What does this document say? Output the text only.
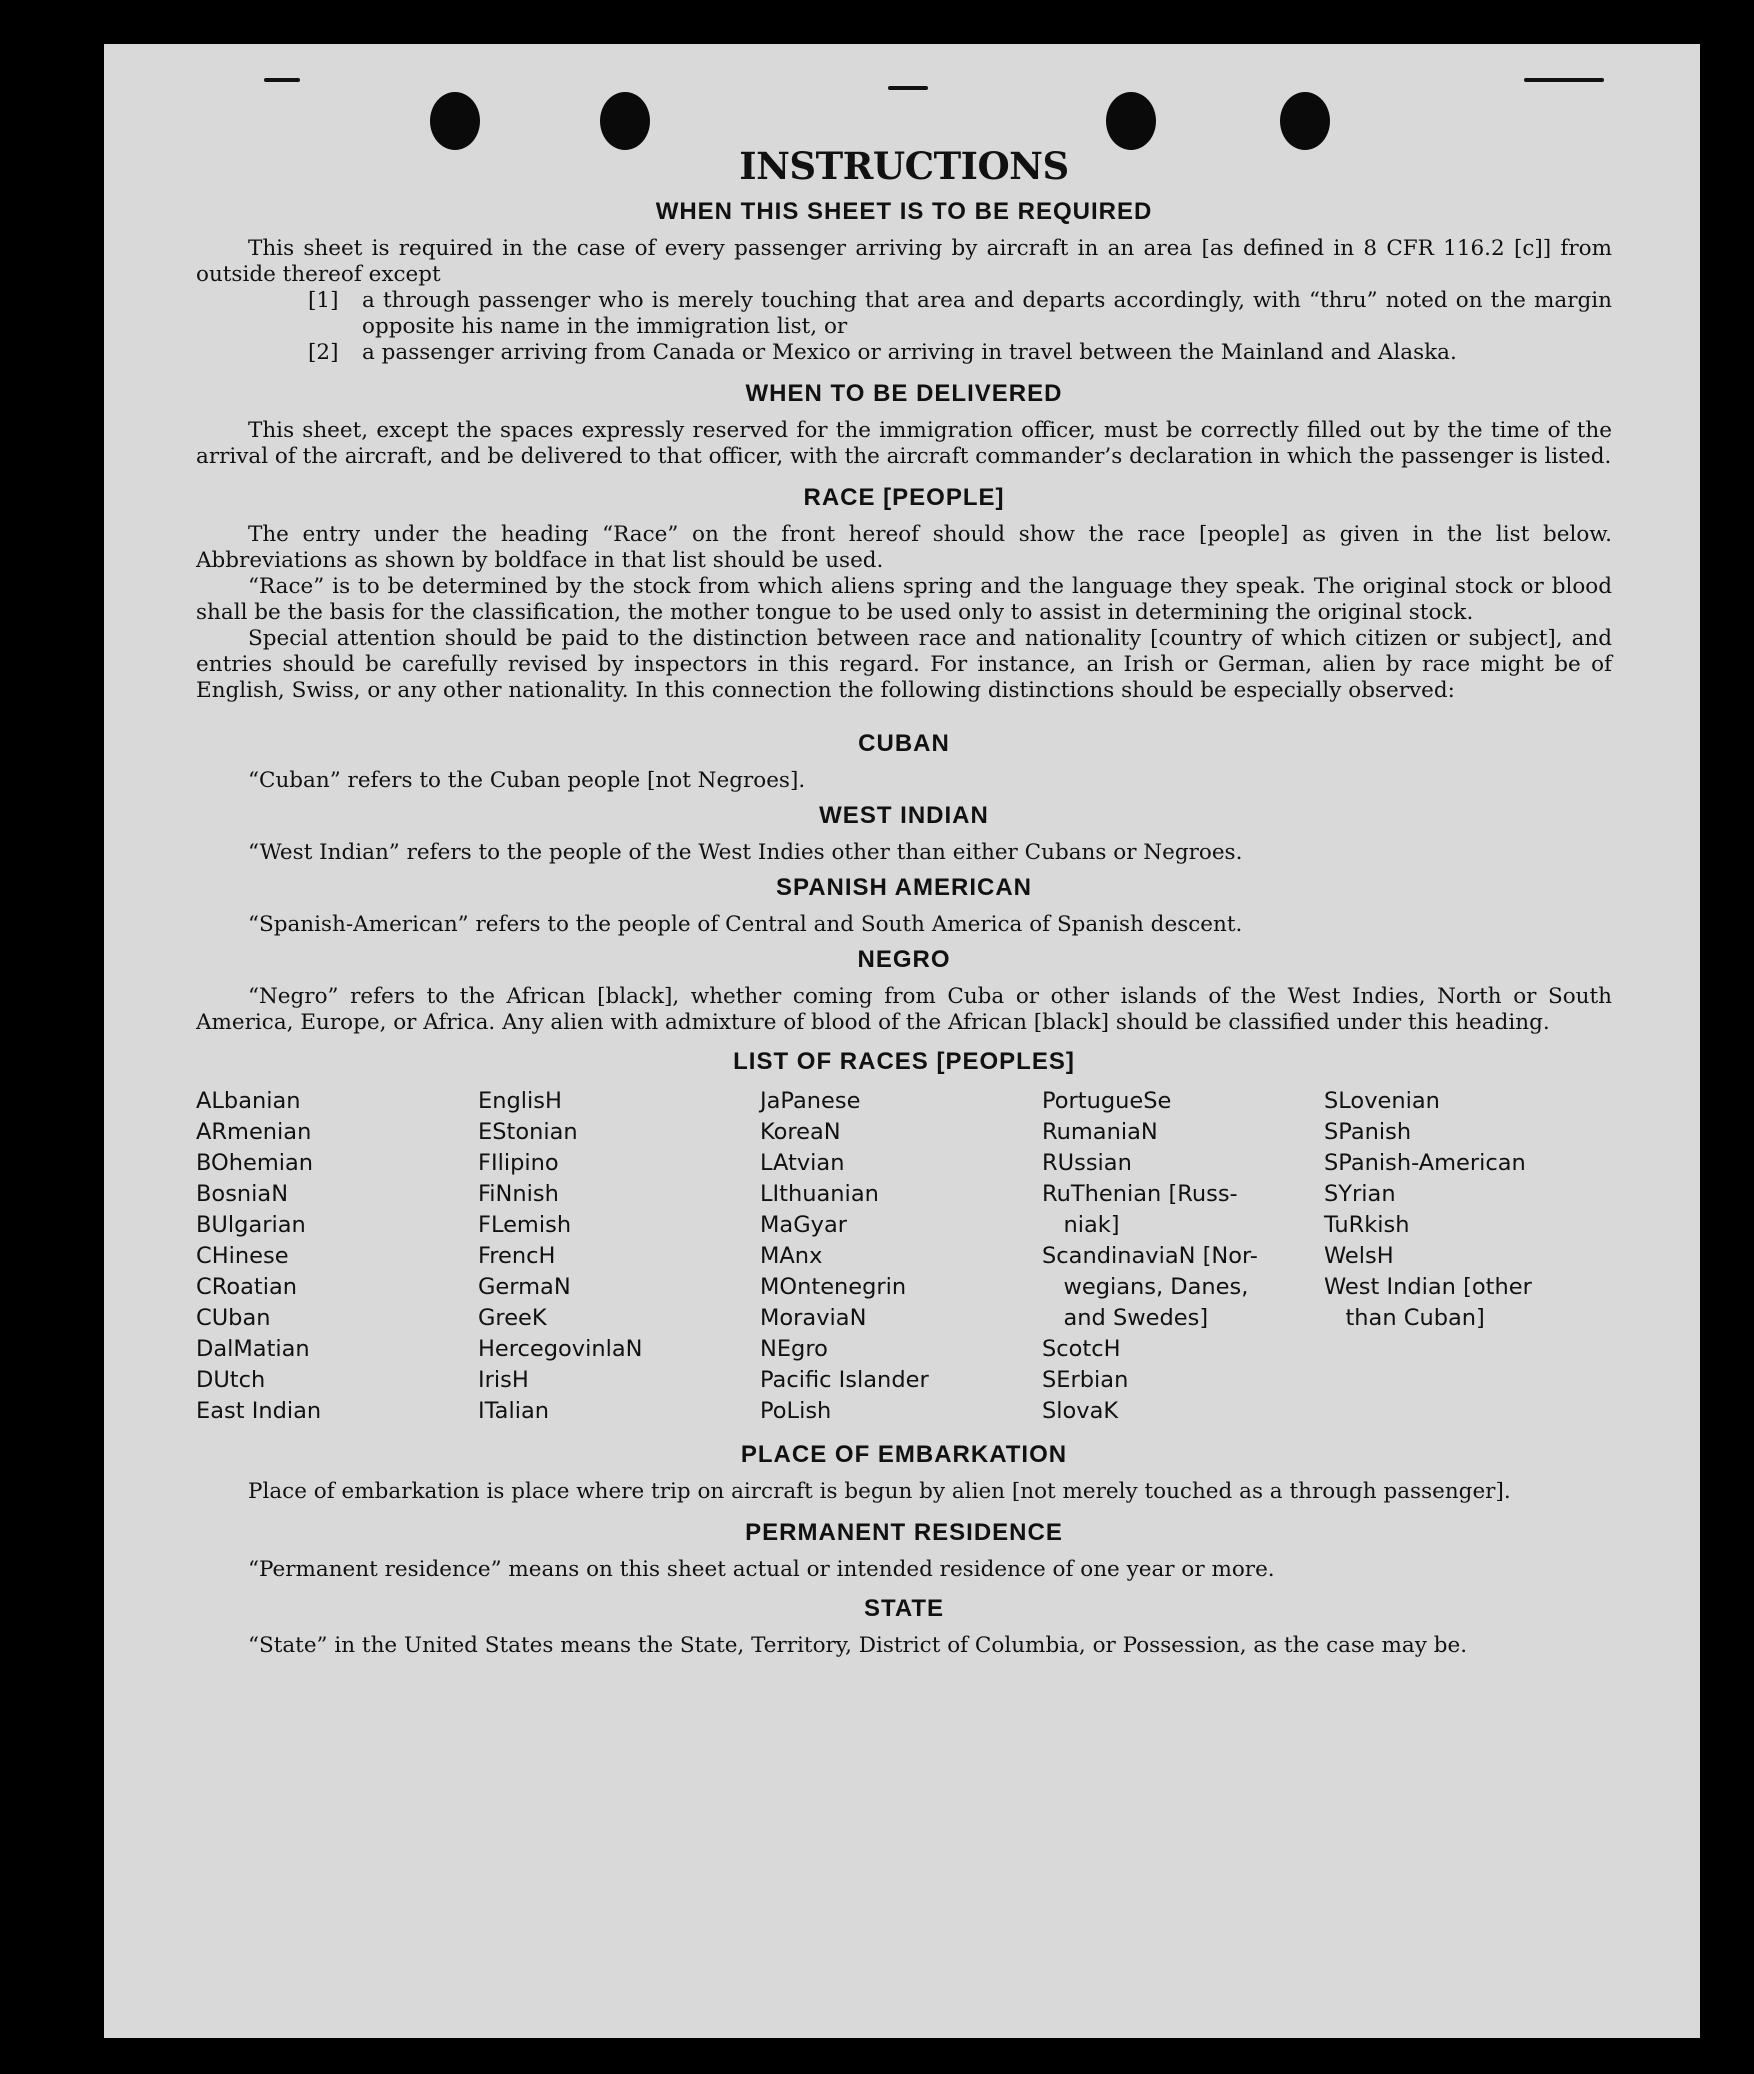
INSTRUCTIONS
WHEN THIS SHEET IS TO BE REQUIRED

This sheet is required in the case of every passenger arriving by aircraft in an area [as defined in 8 CFR 116.2 [c]] from outside thereof except

[1]	a through passenger who is merely touching that area and departs accordingly, with “thru” noted on the margin opposite his name in the immigration list, or
[2]	a passenger arriving from Canada or Mexico or arriving in travel between the Mainland and Alaska.
WHEN TO BE DELIVERED

This sheet, except the spaces expressly reserved for the immigration officer, must be correctly filled out by the time of the arrival of the aircraft, and be delivered to that officer, with the aircraft commander’s declaration in which the passenger is listed.

RACE [PEOPLE]

The entry under the heading “Race” on the front hereof should show the race [people] as given in the list below. Abbreviations as shown by boldface in that list should be used.

“Race” is to be determined by the stock from which aliens spring and the language they speak. The original stock or blood shall be the basis for the classification, the mother tongue to be used only to assist in determining the original stock.

Special attention should be paid to the distinction between race and nationality [country of which citizen or subject], and entries should be carefully revised by inspectors in this regard. For instance, an Irish or German, alien by race might be of English, Swiss, or any other nationality. In this connection the following distinctions should be especially observed:

CUBAN

“Cuban” refers to the Cuban people [not Negroes].

WEST INDIAN

“West Indian” refers to the people of the West Indies other than either Cubans or Negroes.

SPANISH AMERICAN

“Spanish-American” refers to the people of Central and South America of Spanish descent.

NEGRO

“Negro” refers to the African [black], whether coming from Cuba or other islands of the West Indies, North or South America, Europe, or Africa. Any alien with admixture of blood of the African [black] should be classified under this heading.

LIST OF RACES [PEOPLES]
ALbanian
ARmenian
BOhemian
BosniaN
BUlgarian
CHinese
CRoatian
CUban
DalMatian
DUtch
East Indian
EnglisH
EStonian
FIlipino
FiNnish
FLemish
FrencH
GermaN
GreeK
HercegovinlaN
IrisH
ITalian
JaPanese
KoreaN
LAtvian
LIthuanian
MaGyar
MAnx
MOntenegrin
MoraviaN
NEgro
Pacific Islander
PoLish
PortugueSe
RumaniaN
RUssian
RuThenian [Russ-
niak]
ScandinaviaN [Nor-
wegians, Danes,
and Swedes]
ScotcH
SErbian
SlovaK
SLovenian
SPanish
SPanish-American
SYrian
TuRkish
WelsH
West Indian [other
than Cuban]
PLACE OF EMBARKATION

Place of embarkation is place where trip on aircraft is begun by alien [not merely touched as a through passenger].

PERMANENT RESIDENCE

“Permanent residence” means on this sheet actual or intended residence of one year or more.

STATE

“State” in the United States means the State, Territory, District of Columbia, or Possession, as the case may be.
